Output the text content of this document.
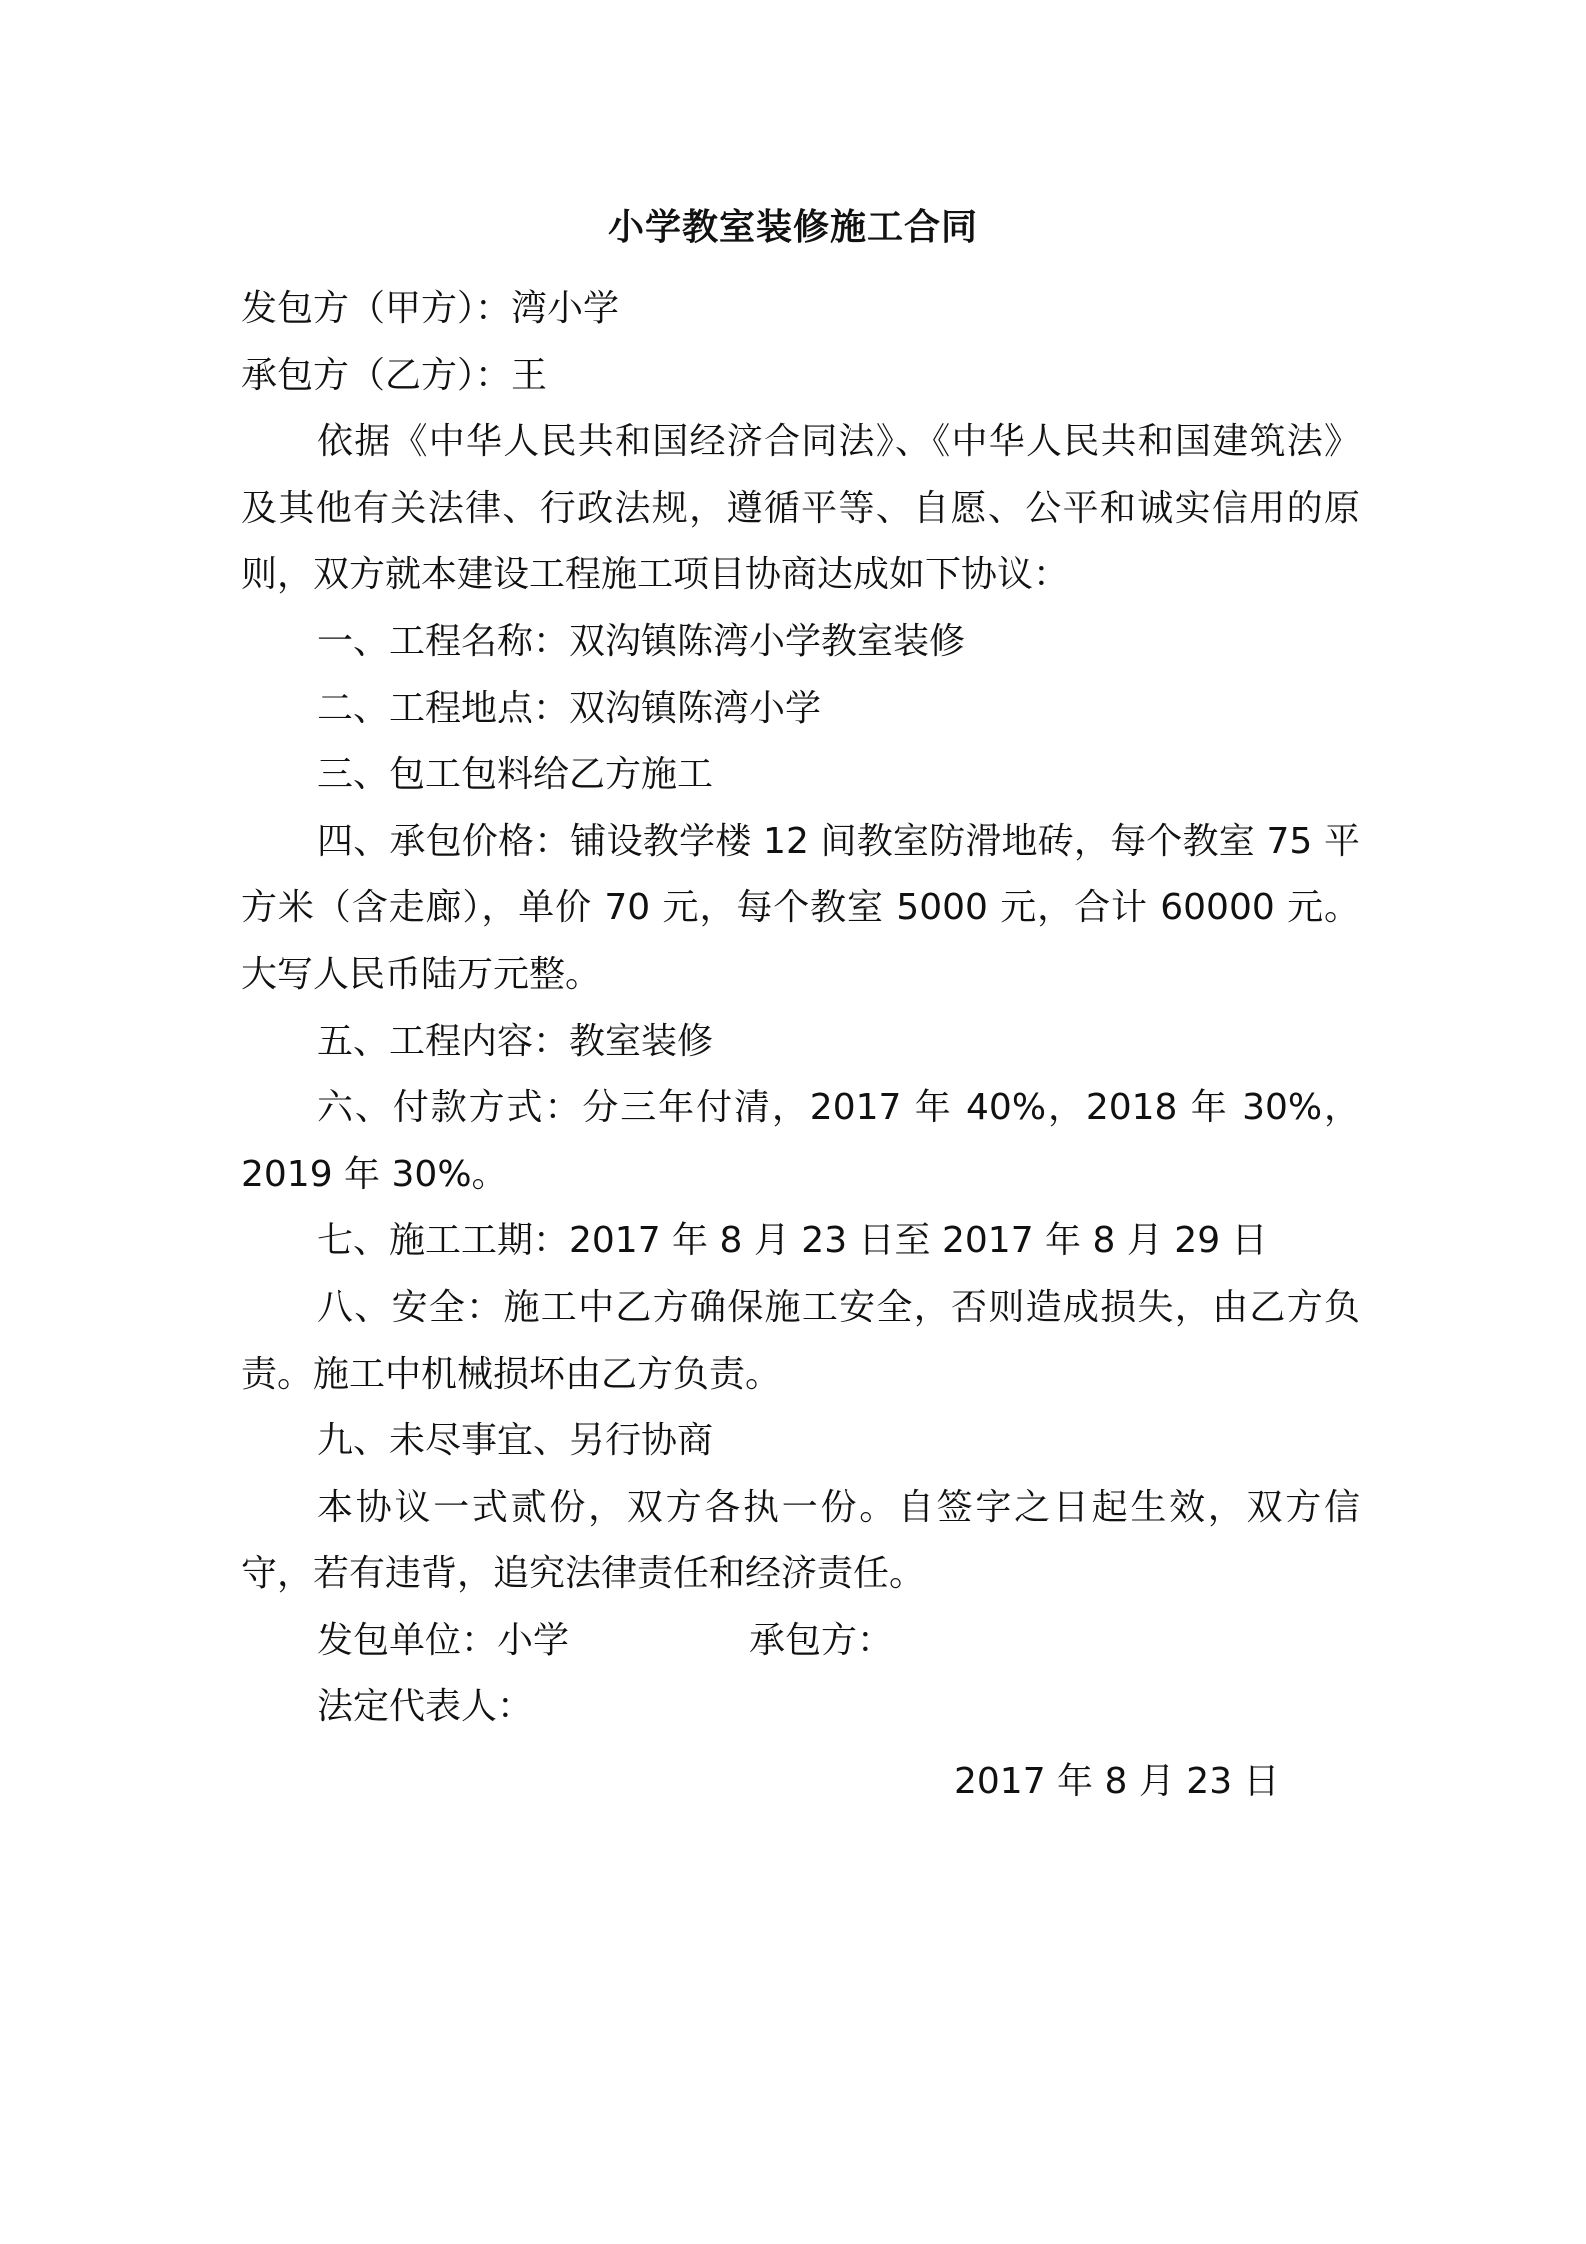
小学教室装修施工合同
发包方（甲方）：湾小学
承包方（乙方）：王
依据《中华人民共和国经济合同法》、《中华人民共和国建筑法》及其他有关法律、行政法规，遵循平等、自愿、公平和诚实信用的原则，双方就本建设工程施工项目协商达成如下协议：
一、工程名称：双沟镇陈湾小学教室装修
二、工程地点：双沟镇陈湾小学
三、包工包料给乙方施工
四、承包价格：铺设教学楼 12 间教室防滑地砖，每个教室 75 平方米（含走廊），单价 70 元，每个教室 5000 元，合计 60000 元。大写人民币陆万元整。
五、工程内容：教室装修
六、付款方式：分三年付清，2017 年 40%，2018 年 30%，2019 年 30%。
七、施工工期：2017 年 8 月 23 日至 2017 年 8 月 29 日
八、安全：施工中乙方确保施工安全，否则造成损失，由乙方负责。施工中机械损坏由乙方负责。
九、未尽事宜、另行协商
本协议一式贰份，双方各执一份。自签字之日起生效，双方信守，若有违背，追究法律责任和经济责任。
发包单位：小学	承包方：
法定代表人：
2017 年 8 月 23 日
